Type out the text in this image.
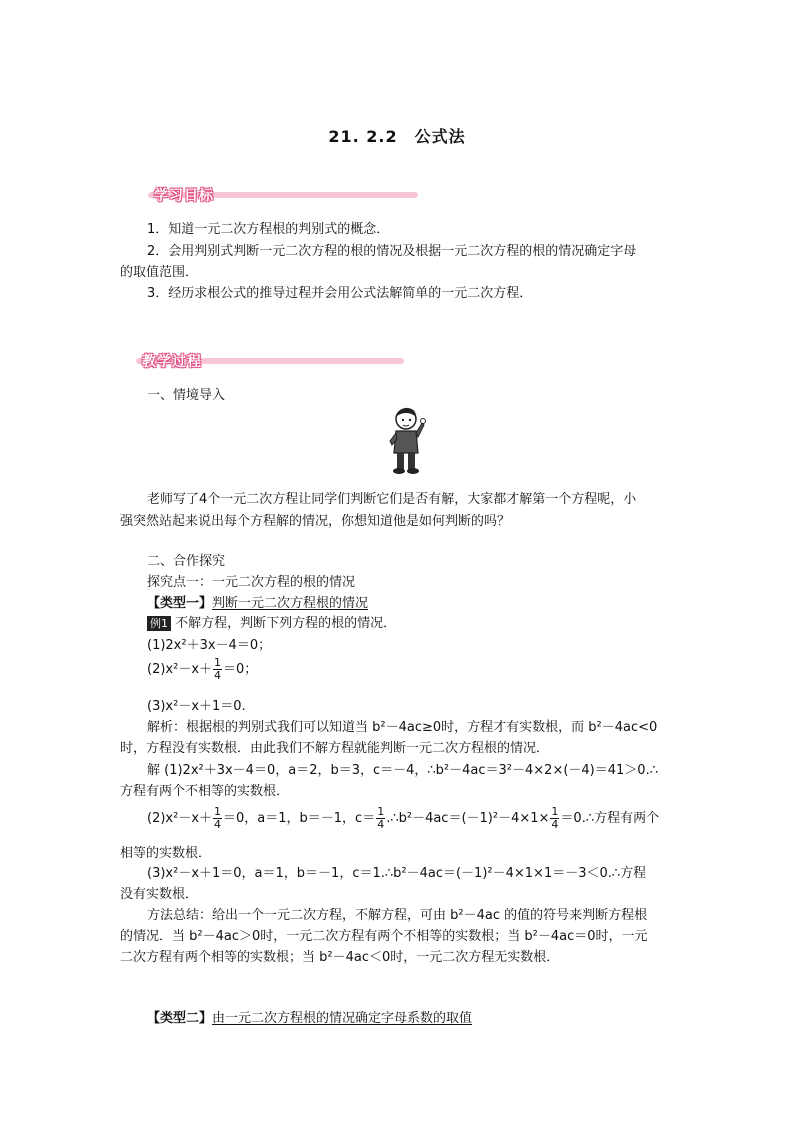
21. 2.2　公式法
学习目标
1．知道一元二次方程根的判别式的概念．
2．会用判别式判断一元二次方程的根的情况及根据一元二次方程的根的情况确定字母
的取值范围．
3．经历求根公式的推导过程并会用公式法解简单的一元二次方程．
教学过程
一、情境导入
老师写了4个一元二次方程让同学们判断它们是否有解，大家都才解第一个方程呢，小
强突然站起来说出每个方程解的情况，你想知道他是如何判断的吗？
二、合作探究
探究点一：一元二次方程的根的情况
【类型一】判断一元二次方程根的情况
例1 不解方程，判断下列方程的根的情况．
(1)2x²＋3x－4＝0；
$(2)x^2-x+ \frac{1}{4} =0$；
(3)x²－x＋1＝0.
解析：根据根的判别式我们可以知道当 b²－4ac≥0时，方程才有实数根，而 b²－4ac<0
时，方程没有实数根．由此我们不解方程就能判断一元二次方程根的情况．
解 (1)2x²＋3x－4＝0，a＝2，b＝3，c＝－4，∴b²－4ac＝3²－4×2×(－4)＝41＞0.∴
方程有两个不相等的实数根．
$(2)x^2-x+ \frac{1}{4} =0$，a＝1，b＝－1，$c= \frac{1}{4}$ .∴b²－4ac＝(－1)²－4×1× $\frac{1}{4}$ ＝0.∴方程有两个
相等的实数根．
(3)x²－x＋1＝0，a＝1，b＝－1，c＝1.∴b²－4ac＝(－1)²－4×1×1＝－3＜0.∴方程
没有实数根．
方法总结：给出一个一元二次方程，不解方程，可由 b²－4ac 的值的符号来判断方程根
的情况．当 b²－4ac＞0时，一元二次方程有两个不相等的实数根；当 b²－4ac＝0时，一元
二次方程有两个相等的实数根；当 b²－4ac＜0时，一元二次方程无实数根．
【类型二】由一元二次方程根的情况确定字母系数的取值
